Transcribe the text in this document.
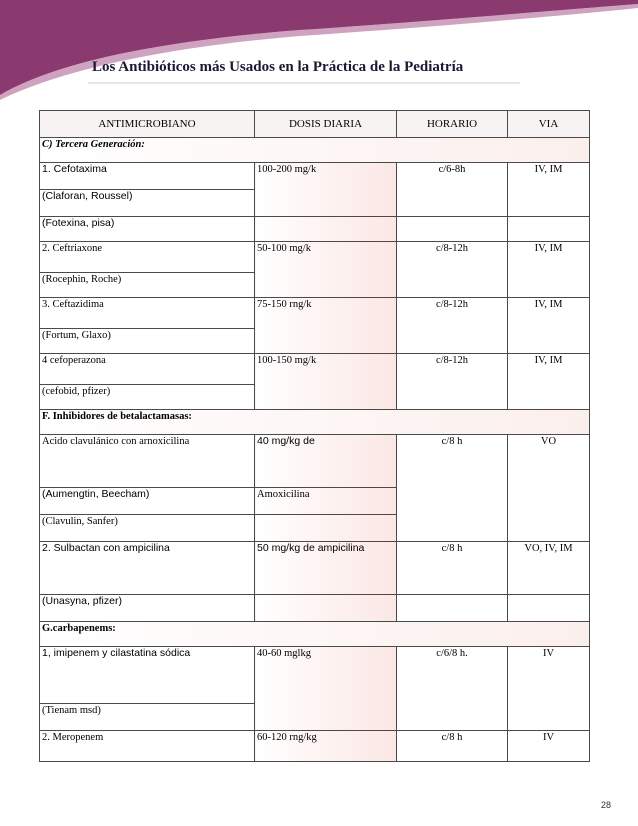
Los Antibióticos más Usados en la Práctica de la Pediatría
ANTIMICROBIANO	DOSIS DIARIA	HORARIO	VIA
C) Tercera Generación:			
1. Cefotaxima	100-200 mg/k	c/6-8h	IV, IM
(Claforan, Roussel)			
(Fotexina, pisa)			
2. Ceftriaxone	50-100 mg/k	c/8-12h	IV, IM
(Rocephin, Roche)			
3. Ceftazidima	75-150 rng/k	c/8-12h	IV, IM
(Fortum, Glaxo)			
4 cefoperazona	100-150 mg/k	c/8-12h	IV, IM
(cefobid, pfizer)			
F. Inhibidores de betalactamasas:			
Acido clavulánico con arnoxicilina	40 mg/kg de	c/8 h	VO
(Aumengtin, Beecham)	Amoxicilina		
(Clavulin, Sanfer)			
2. Sulbactan con ampicilina	50 mg/kg de ampicilina	c/8 h	VO, IV, IM
(Unasyna, pfizer)			
G.carbapenems:			
1, imipenem y cilastatina sódica	40-60 mglkg	c/6/8 h.	IV
(Tienam msd)			
2. Meropenem	60-120 rng/kg	c/8 h	IV
28
